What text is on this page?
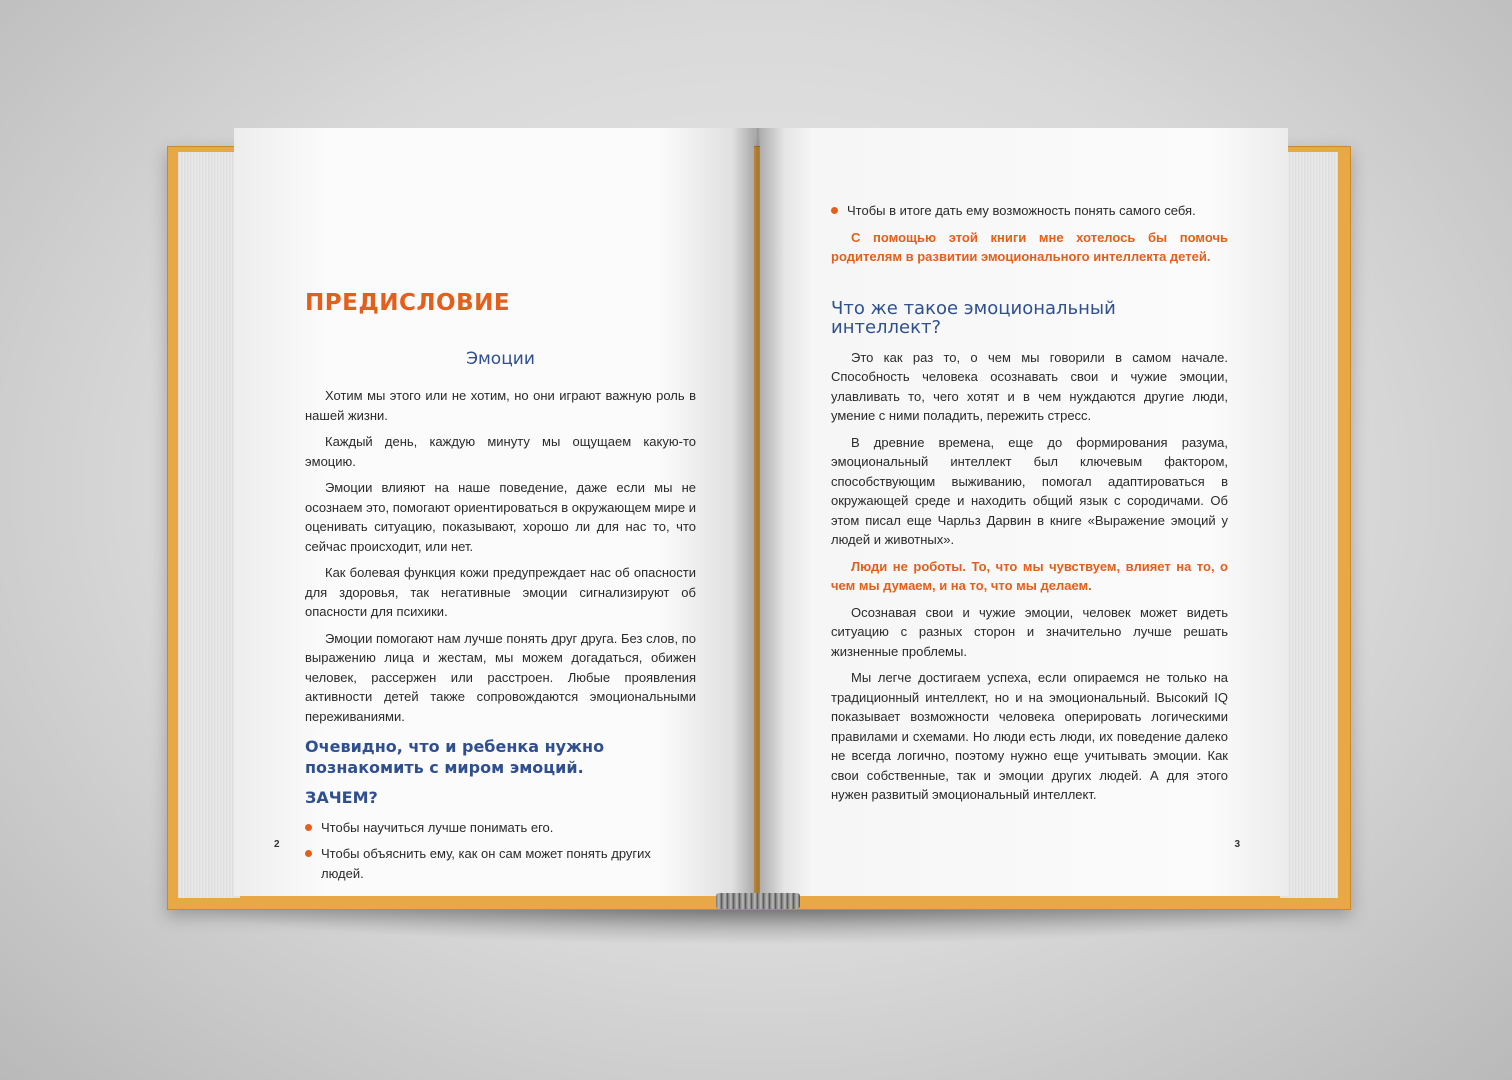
ПРЕДИСЛОВИЕ
Эмоции

Хотим мы этого или не хотим, но они играют важную роль в нашей жизни.

Каждый день, каждую минуту мы ощущаем какую-то эмоцию.

Эмоции влияют на наше поведение, даже если мы не осознаем это, помогают ориентироваться в окружающем мире и оценивать ситуацию, показывают, хорошо ли для нас то, что сейчас происходит, или нет.

Как болевая функция кожи предупреждает нас об опасности для здоровья, так негативные эмоции сигнализируют об опасности для психики.

Эмоции помогают нам лучше понять друг друга. Без слов, по выражению лица и жестам, мы можем догадаться, обижен человек, рассержен или расстроен. Любые проявления активности детей также сопровождаются эмоциональными переживаниями.

Очевидно, что и ребенка нужно познакомить с миром эмоций.
ЗАЧЕМ?
Чтобы научиться лучше понимать его.
Чтобы объяснить ему, как он сам может понять других людей.
2
Чтобы в итоге дать ему возможность понять самого себя.

С помощью этой книги мне хотелось бы помочь родителям в развитии эмоционального интеллекта детей.

Что же такое эмоциональный интеллект?

Это как раз то, о чем мы говорили в самом начале. Способность человека осознавать свои и чужие эмоции, улавливать то, чего хотят и в чем нуждаются другие люди, умение с ними поладить, пережить стресс.

В древние времена, еще до формирования разума, эмоциональный интеллект был ключевым фактором, способствующим выживанию, помогал адаптироваться в окружающей среде и находить общий язык с сородичами. Об этом писал еще Чарльз Дарвин в книге «Выражение эмоций у людей и животных».

Люди не роботы. То, что мы чувствуем, влияет на то, о чем мы думаем, и на то, что мы делаем.

Осознавая свои и чужие эмоции, человек может видеть ситуацию с разных сторон и значительно лучше решать жизненные проблемы.

Мы легче достигаем успеха, если опираемся не только на традиционный интеллект, но и на эмоциональный. Высокий IQ показывает возможности человека оперировать логическими правилами и схемами. Но люди есть люди, их поведение далеко не всегда логично, поэтому нужно еще учитывать эмоции. Как свои собственные, так и эмоции других людей. А для этого нужен развитый эмоциональный интеллект.

3
